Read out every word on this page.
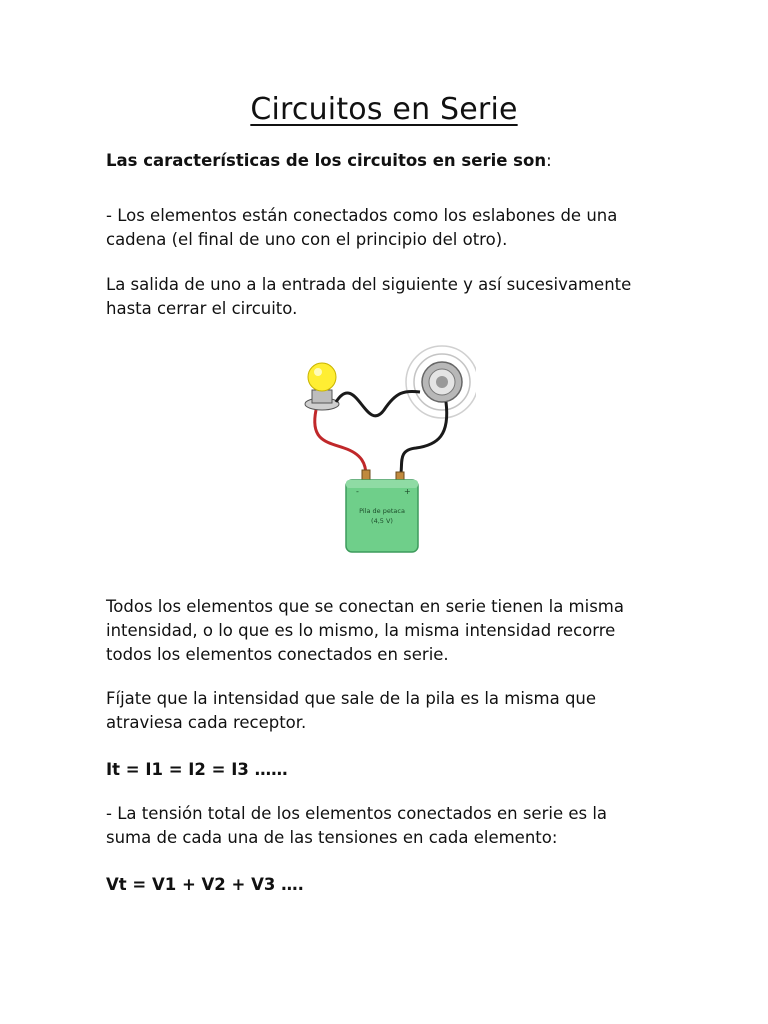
Circuitos en Serie
Las características de los circuitos en serie son:

- Los elementos están conectados como los eslabones de una
cadena (el final de uno con el principio del otro).

La salida de uno a la entrada del siguiente y así sucesivamente
hasta cerrar el circuito.

-	+
Pila de petaca
(4,5 V)

Todos los elementos que se conectan en serie tienen la misma
intensidad, o lo que es lo mismo, la misma intensidad recorre
todos los elementos conectados en serie.

Fíjate que la intensidad que sale de la pila es la misma que
atraviesa cada receptor.

It = I1 = I2 = I3 ……

- La tensión total de los elementos conectados en serie es la
suma de cada una de las tensiones en cada elemento:

Vt = V1 + V2 + V3 ….
